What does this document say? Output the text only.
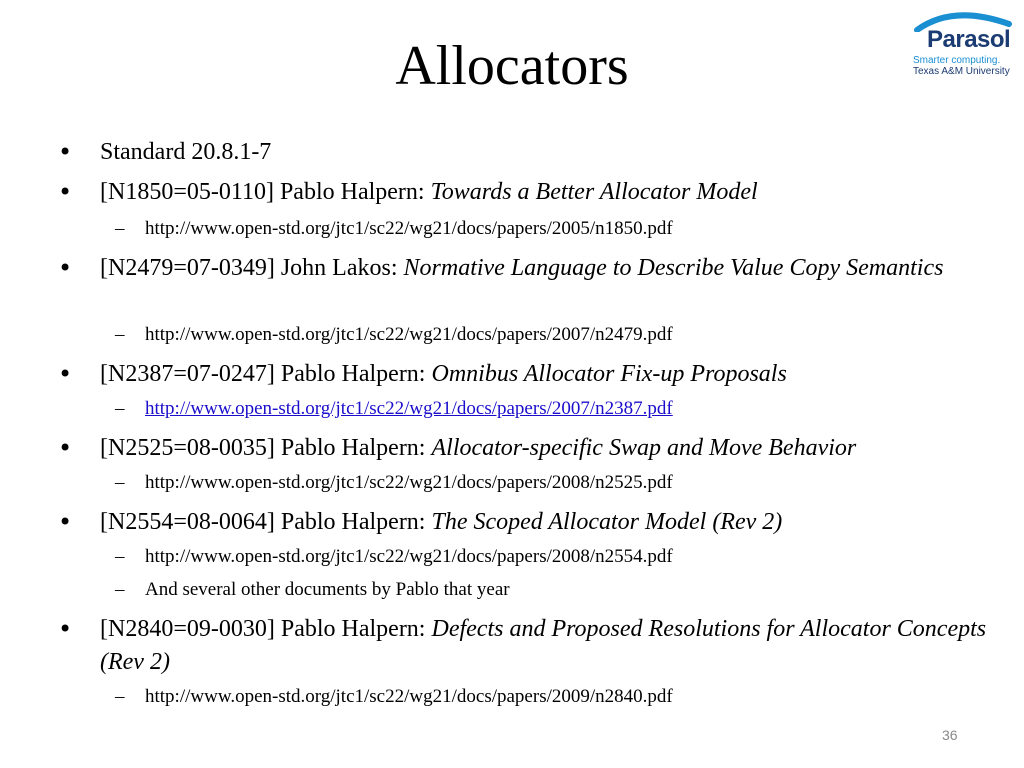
Allocators	Parasol
Smarter computing.
Texas A&M University
• Standard 20.8.1-7
• [N1850=05-0110] Pablo Halpern: Towards a Better Allocator Model
– http://www.open-std.org/jtc1/sc22/wg21/docs/papers/2005/n1850.pdf
• [N2479=07-0349] John Lakos: Normative Language to Describe Value Copy Semantics
– http://www.open-std.org/jtc1/sc22/wg21/docs/papers/2007/n2479.pdf
• [N2387=07-0247] Pablo Halpern: Omnibus Allocator Fix-up Proposals
– http://www.open-std.org/jtc1/sc22/wg21/docs/papers/2007/n2387.pdf
• [N2525=08-0035] Pablo Halpern: Allocator-specific Swap and Move Behavior
– http://www.open-std.org/jtc1/sc22/wg21/docs/papers/2008/n2525.pdf
• [N2554=08-0064] Pablo Halpern: The Scoped Allocator Model (Rev 2)
– http://www.open-std.org/jtc1/sc22/wg21/docs/papers/2008/n2554.pdf
– And several other documents by Pablo that year
• [N2840=09-0030] Pablo Halpern: Defects and Proposed Resolutions for Allocator Concepts (Rev 2)
– http://www.open-std.org/jtc1/sc22/wg21/docs/papers/2009/n2840.pdf
36
